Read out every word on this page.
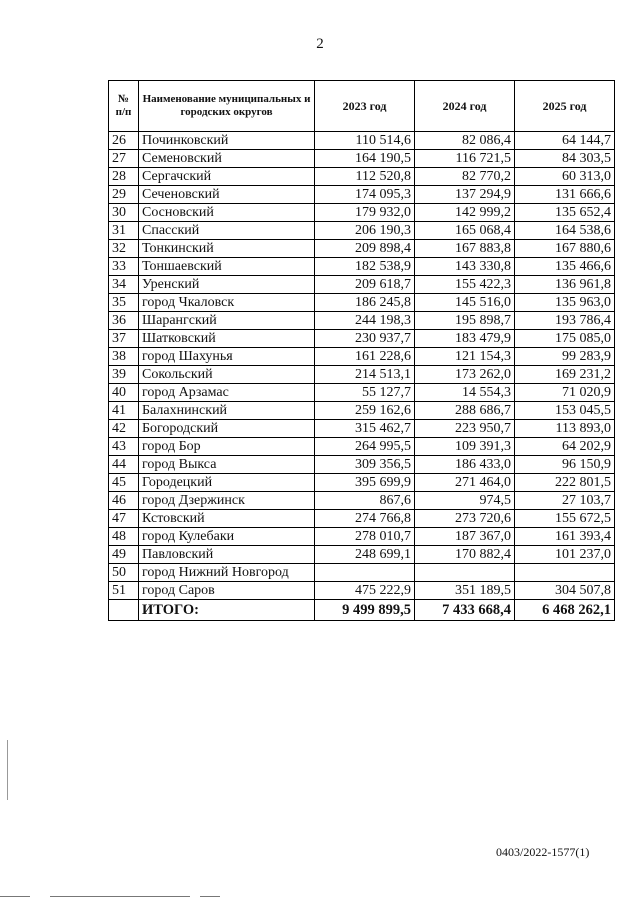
2
№ п/п	Наименование муниципальных и городских округов	2023 год	2024 год	2025 год
26	Починковский	110 514,6	82 086,4	64 144,7
27	Семеновский	164 190,5	116 721,5	84 303,5
28	Сергачский	112 520,8	82 770,2	60 313,0
29	Сеченовский	174 095,3	137 294,9	131 666,6
30	Сосновский	179 932,0	142 999,2	135 652,4
31	Спасский	206 190,3	165 068,4	164 538,6
32	Тонкинский	209 898,4	167 883,8	167 880,6
33	Тоншаевский	182 538,9	143 330,8	135 466,6
34	Уренский	209 618,7	155 422,3	136 961,8
35	город Чкаловск	186 245,8	145 516,0	135 963,0
36	Шарангский	244 198,3	195 898,7	193 786,4
37	Шатковский	230 937,7	183 479,9	175 085,0
38	город Шахунья	161 228,6	121 154,3	99 283,9
39	Сокольский	214 513,1	173 262,0	169 231,2
40	город Арзамас	55 127,7	14 554,3	71 020,9
41	Балахнинский	259 162,6	288 686,7	153 045,5
42	Богородский	315 462,7	223 950,7	113 893,0
43	город Бор	264 995,5	109 391,3	64 202,9
44	город Выкса	309 356,5	186 433,0	96 150,9
45	Городецкий	395 699,9	271 464,0	222 801,5
46	город Дзержинск	867,6	974,5	27 103,7
47	Кстовский	274 766,8	273 720,6	155 672,5
48	город Кулебаки	278 010,7	187 367,0	161 393,4
49	Павловский	248 699,1	170 882,4	101 237,0
50	город Нижний Новгород			
51	город Саров	475 222,9	351 189,5	304 507,8
	ИТОГО:	9 499 899,5	7 433 668,4	6 468 262,1
0403/2022-1577(1)
